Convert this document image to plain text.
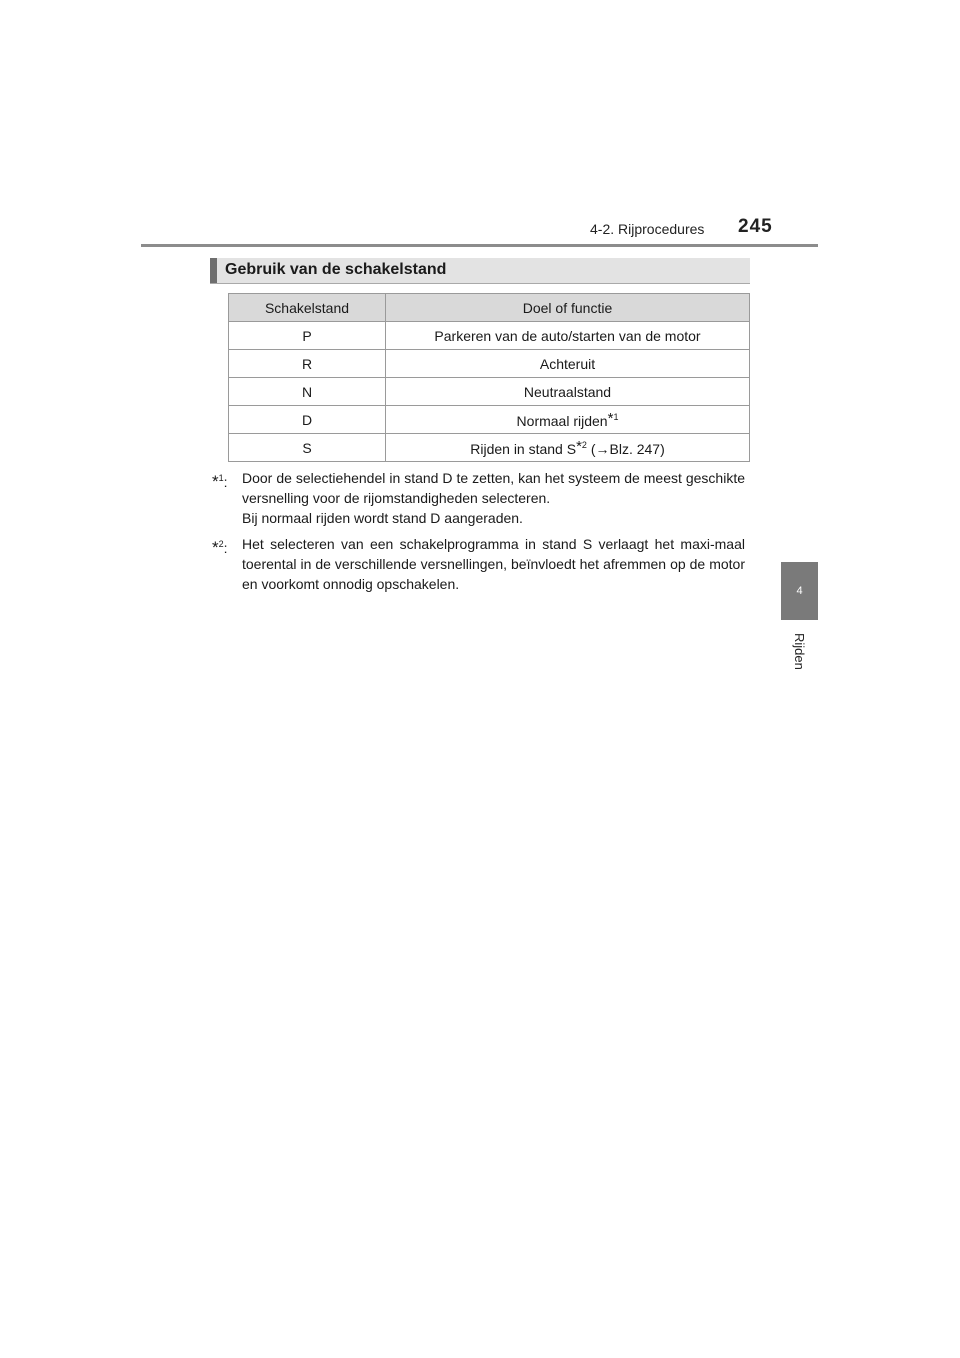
4-2. Rijprocedures 245
4
Rijden
Gebruik van de schakelstand
Schakelstand	Doel of functie
P	Parkeren van de auto/starten van de motor
R	Achteruit
N	Neutraalstand
D	Normaal rijden$^{*1}$
S	Rijden in stand $S^{*2}$ (→Blz. 247)
*$^1$:	Door de selectiehendel in stand D te zetten, kan het systeem de meest geschikte versnelling voor de rijomstandigheden selecteren.

Bij normaal rijden wordt stand D aangeraden.

*$^2$:	Het selecteren van een schakelprogramma in stand S verlaagt het maxi-maal toerental in de verschillende versnellingen, beïnvloedt het afremmen op de motor en voorkomt onnodig opschakelen.
